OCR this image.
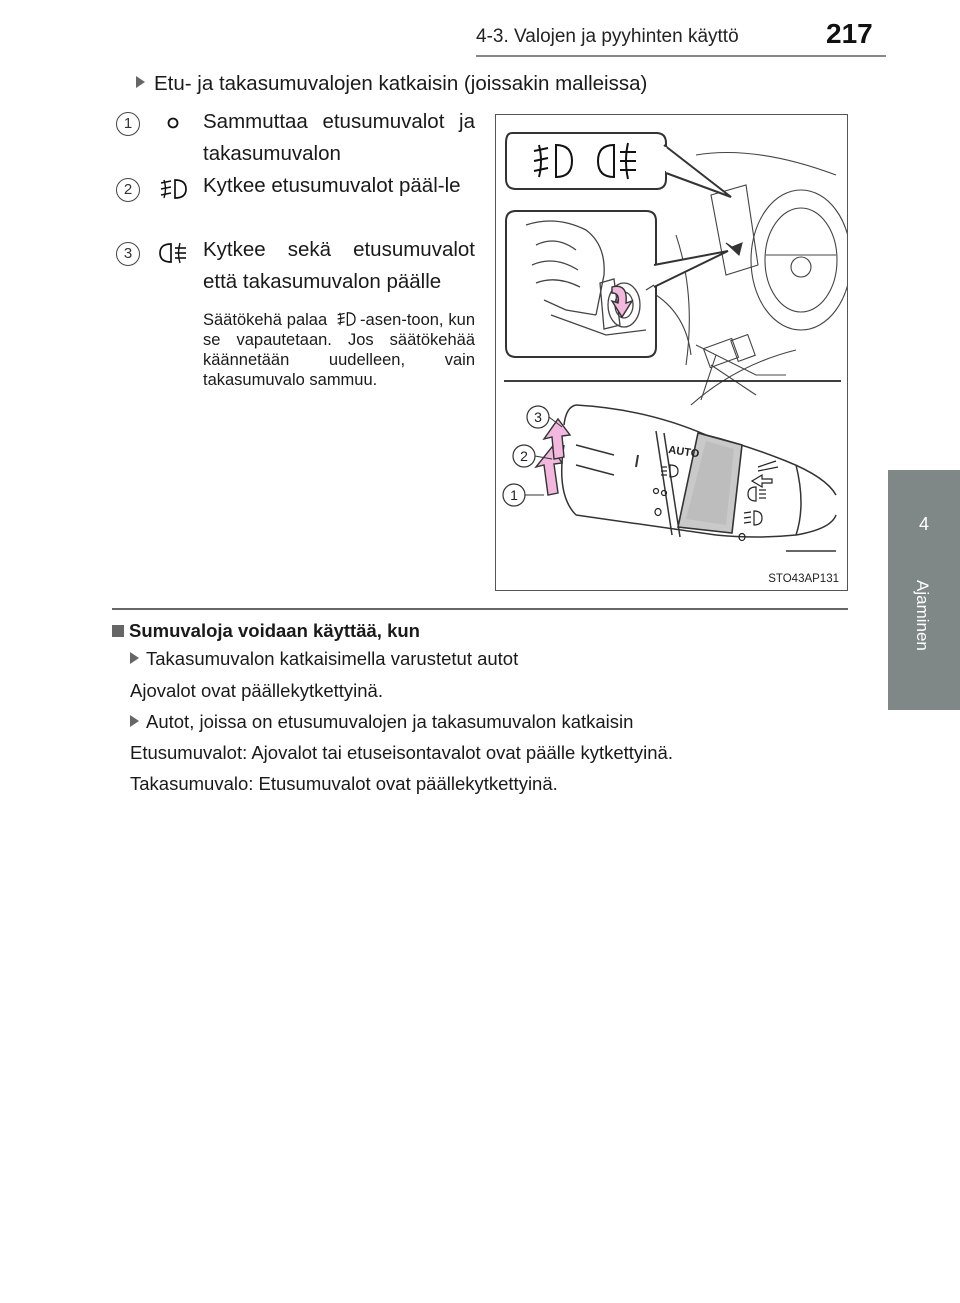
4-3. Valojen ja pyyhinten käyttö	217
4
Ajaminen
Etu- ja takasumuvalojen katkaisin (joissakin malleissa)
1	Sammuttaa etusumuvalot ja takasumuvalon
2	Kytkee etusumuvalot pääl-le
3	Kytkee sekä etusumuvalot että takasumuvalon päälle
Säätökehä palaa -asen-toon, kun se vapautetaan. Jos säätökehää käännetään uudelleen, vain takasumuvalo sammuu.
AUTO
1
2
3
STO43AP131
Sumuvaloja voidaan käyttää, kun
Takasumuvalon katkaisimella varustetut autot
Ajovalot ovat päällekytkettyinä.
Autot, joissa on etusumuvalojen ja takasumuvalon katkaisin
Etusumuvalot: Ajovalot tai etuseisontavalot ovat päälle kytkettyinä.
Takasumuvalo: Etusumuvalot ovat päällekytkettyinä.
